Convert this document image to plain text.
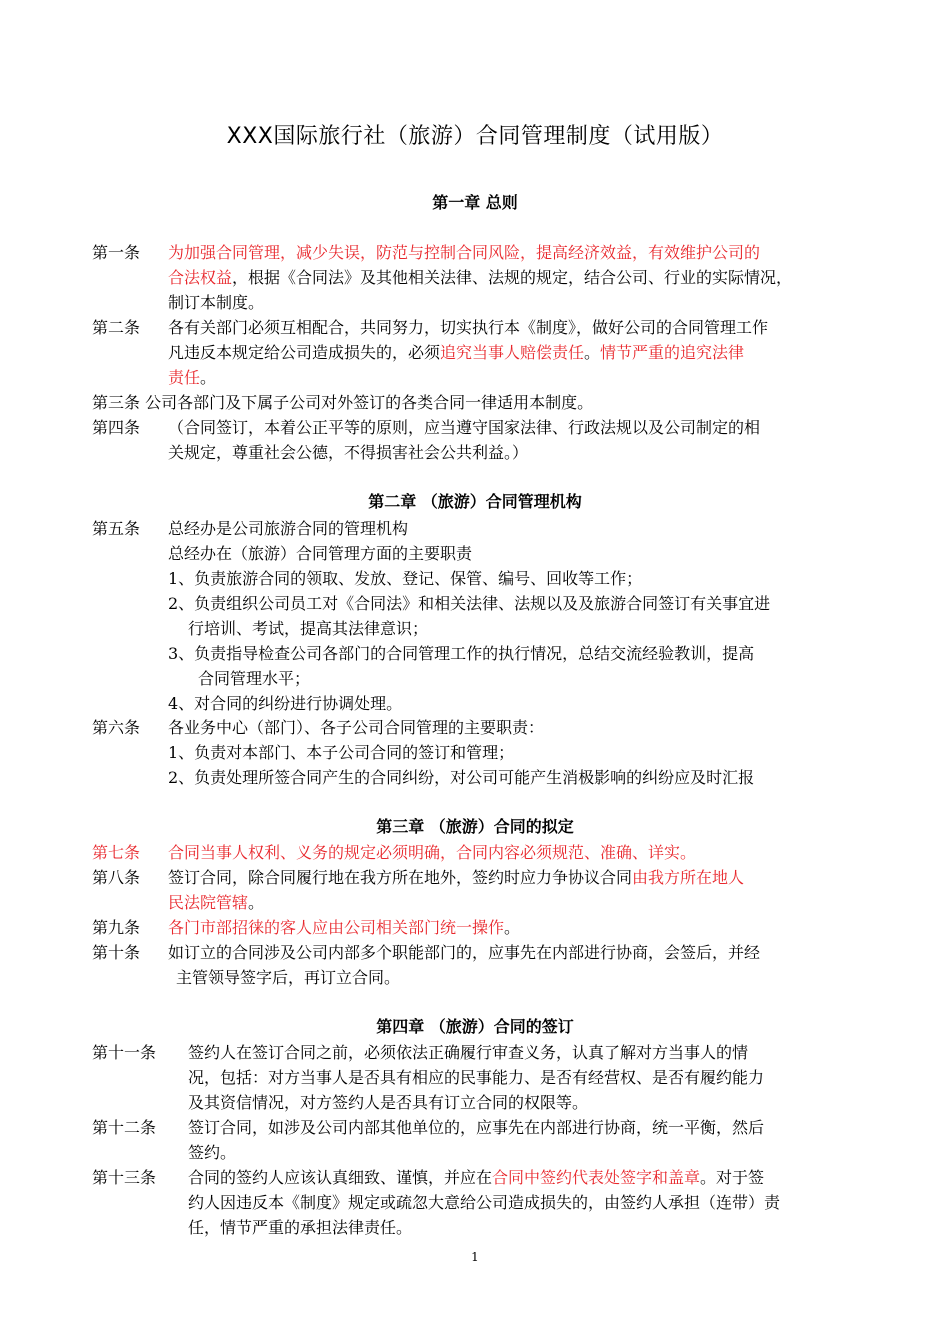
XXX国际旅行社（旅游）合同管理制度（试用版）
第一章 总则
第一条 为加强合同管理，减少失误，防范与控制合同风险，提高经济效益，有效维护公司的
合法权益，根据《合同法》及其他相关法律、法规的规定，结合公司、行业的实际情况，
制订本制度。
第二条 各有关部门必须互相配合，共同努力，切实执行本《制度》，做好公司的合同管理工作
凡违反本规定给公司造成损失的，必须追究当事人赔偿责任。情节严重的追究法律
责任。
第三条 公司各部门及下属子公司对外签订的各类合同一律适用本制度。
第四条 （合同签订，本着公正平等的原则，应当遵守国家法律、行政法规以及公司制定的相
关规定，尊重社会公德，不得损害社会公共利益。）
第二章 （旅游）合同管理机构
第五条 总经办是公司旅游合同的管理机构
总经办在（旅游）合同管理方面的主要职责
1、负责旅游合同的领取、发放、登记、保管、编号、回收等工作；
2、负责组织公司员工对《合同法》和相关法律、法规以及及旅游合同签订有关事宜进
行培训、考试，提高其法律意识；
3、负责指导检查公司各部门的合同管理工作的执行情况，总结交流经验教训，提高
合同管理水平；
4、对合同的纠纷进行协调处理。
第六条 各业务中心（部门）、各子公司合同管理的主要职责：
1、负责对本部门、本子公司合同的签订和管理；
2、负责处理所签合同产生的合同纠纷，对公司可能产生消极影响的纠纷应及时汇报
第三章 （旅游）合同的拟定
第七条 合同当事人权利、义务的规定必须明确，合同内容必须规范、准确、详实。
第八条 签订合同，除合同履行地在我方所在地外，签约时应力争协议合同由我方所在地人
民法院管辖。
第九条 各门市部招徕的客人应由公司相关部门统一操作。
第十条 如订立的合同涉及公司内部多个职能部门的，应事先在内部进行协商，会签后，并经
主管领导签字后，再订立合同。
第四章 （旅游）合同的签订
第十一条 签约人在签订合同之前，必须依法正确履行审查义务，认真了解对方当事人的情
况，包括：对方当事人是否具有相应的民事能力、是否有经营权、是否有履约能力
及其资信情况，对方签约人是否具有订立合同的权限等。
第十二条 签订合同，如涉及公司内部其他单位的，应事先在内部进行协商，统一平衡，然后
签约。
第十三条 合同的签约人应该认真细致、谨慎，并应在合同中签约代表处签字和盖章。对于签
约人因违反本《制度》规定或疏忽大意给公司造成损失的，由签约人承担（连带）责
任，情节严重的承担法律责任。
1
